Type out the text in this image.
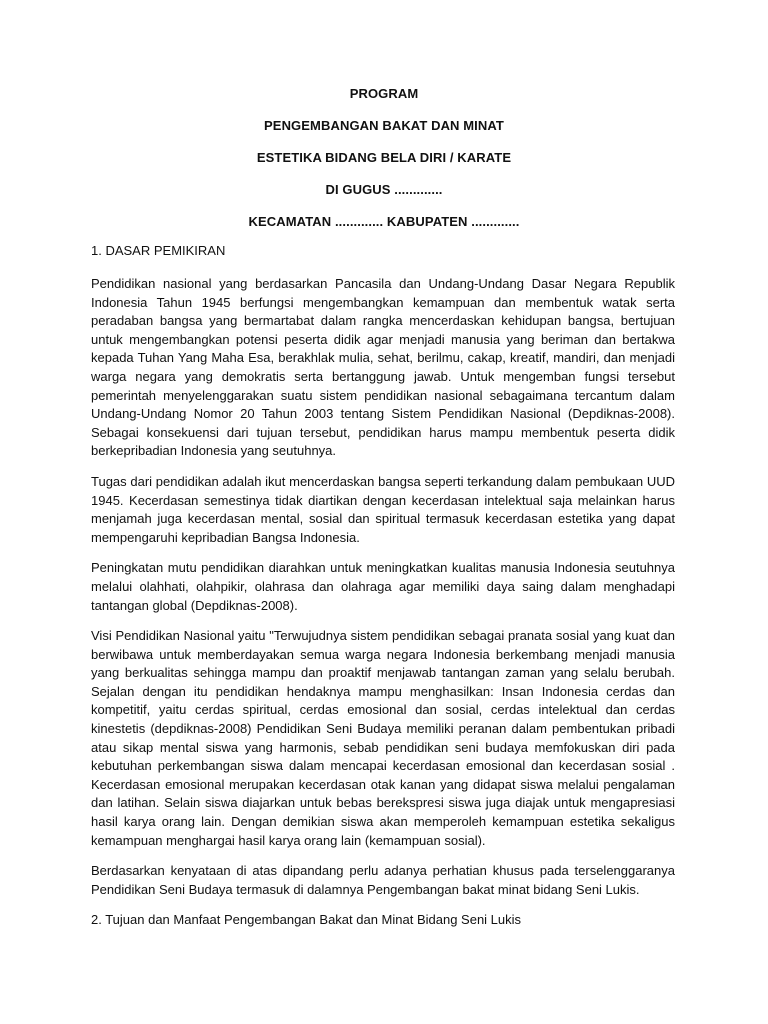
PROGRAM
PENGEMBANGAN BAKAT DAN MINAT
ESTETIKA BIDANG BELA DIRI / KARATE
DI GUGUS .............
KECAMATAN ............. KABUPATEN .............
1. DASAR PEMIKIRAN

Pendidikan nasional yang berdasarkan Pancasila dan Undang-Undang Dasar Negara Republik Indonesia Tahun 1945 berfungsi mengembangkan kemampuan dan membentuk watak serta peradaban bangsa yang bermartabat dalam rangka mencerdaskan kehidupan bangsa, bertujuan untuk mengembangkan potensi peserta didik agar menjadi manusia yang beriman dan bertakwa kepada Tuhan Yang Maha Esa, berakhlak mulia, sehat, berilmu, cakap, kreatif, mandiri, dan menjadi warga negara yang demokratis serta bertanggung jawab. Untuk mengemban fungsi tersebut pemerintah menyelenggarakan suatu sistem pendidikan nasional sebagaimana tercantum dalam Undang-Undang Nomor 20 Tahun 2003 tentang Sistem Pendidikan Nasional (Depdiknas-2008). Sebagai konsekuensi dari tujuan tersebut, pendidikan harus mampu membentuk peserta didik berkepribadian Indonesia yang seutuhnya.

Tugas dari pendidikan adalah ikut mencerdaskan bangsa seperti terkandung dalam pembukaan UUD 1945. Kecerdasan semestinya tidak diartikan dengan kecerdasan intelektual saja melainkan harus menjamah juga kecerdasan mental, sosial dan spiritual termasuk kecerdasan estetika yang dapat mempengaruhi kepribadian Bangsa Indonesia.

Peningkatan mutu pendidikan diarahkan untuk meningkatkan kualitas manusia Indonesia seutuhnya melalui olahhati, olahpikir, olahrasa dan olahraga agar memiliki daya saing dalam menghadapi tantangan global (Depdiknas-2008).

Visi Pendidikan Nasional yaitu "Terwujudnya sistem pendidikan sebagai pranata sosial yang kuat dan berwibawa untuk memberdayakan semua warga negara Indonesia berkembang menjadi manusia yang berkualitas sehingga mampu dan proaktif menjawab tantangan zaman yang selalu berubah. Sejalan dengan itu pendidikan hendaknya mampu menghasilkan: Insan Indonesia cerdas dan kompetitif, yaitu cerdas spiritual, cerdas emosional dan sosial, cerdas intelektual dan cerdas kinestetis (depdiknas-2008) Pendidikan Seni Budaya memiliki peranan dalam pembentukan pribadi atau sikap mental siswa yang harmonis, sebab pendidikan seni budaya memfokuskan diri pada kebutuhan perkembangan siswa dalam mencapai kecerdasan emosional dan kecerdasan sosial . Kecerdasan emosional merupakan kecerdasan otak kanan yang didapat siswa melalui pengalaman dan latihan. Selain siswa diajarkan untuk bebas berekspresi siswa juga diajak untuk mengapresiasi hasil karya orang lain. Dengan demikian siswa akan memperoleh kemampuan estetika sekaligus kemampuan menghargai hasil karya orang lain (kemampuan sosial).

Berdasarkan kenyataan di atas dipandang perlu adanya perhatian khusus pada terselenggaranya Pendidikan Seni Budaya termasuk di dalamnya Pengembangan bakat minat bidang Seni Lukis.

2. Tujuan dan Manfaat Pengembangan Bakat dan Minat Bidang Seni Lukis
